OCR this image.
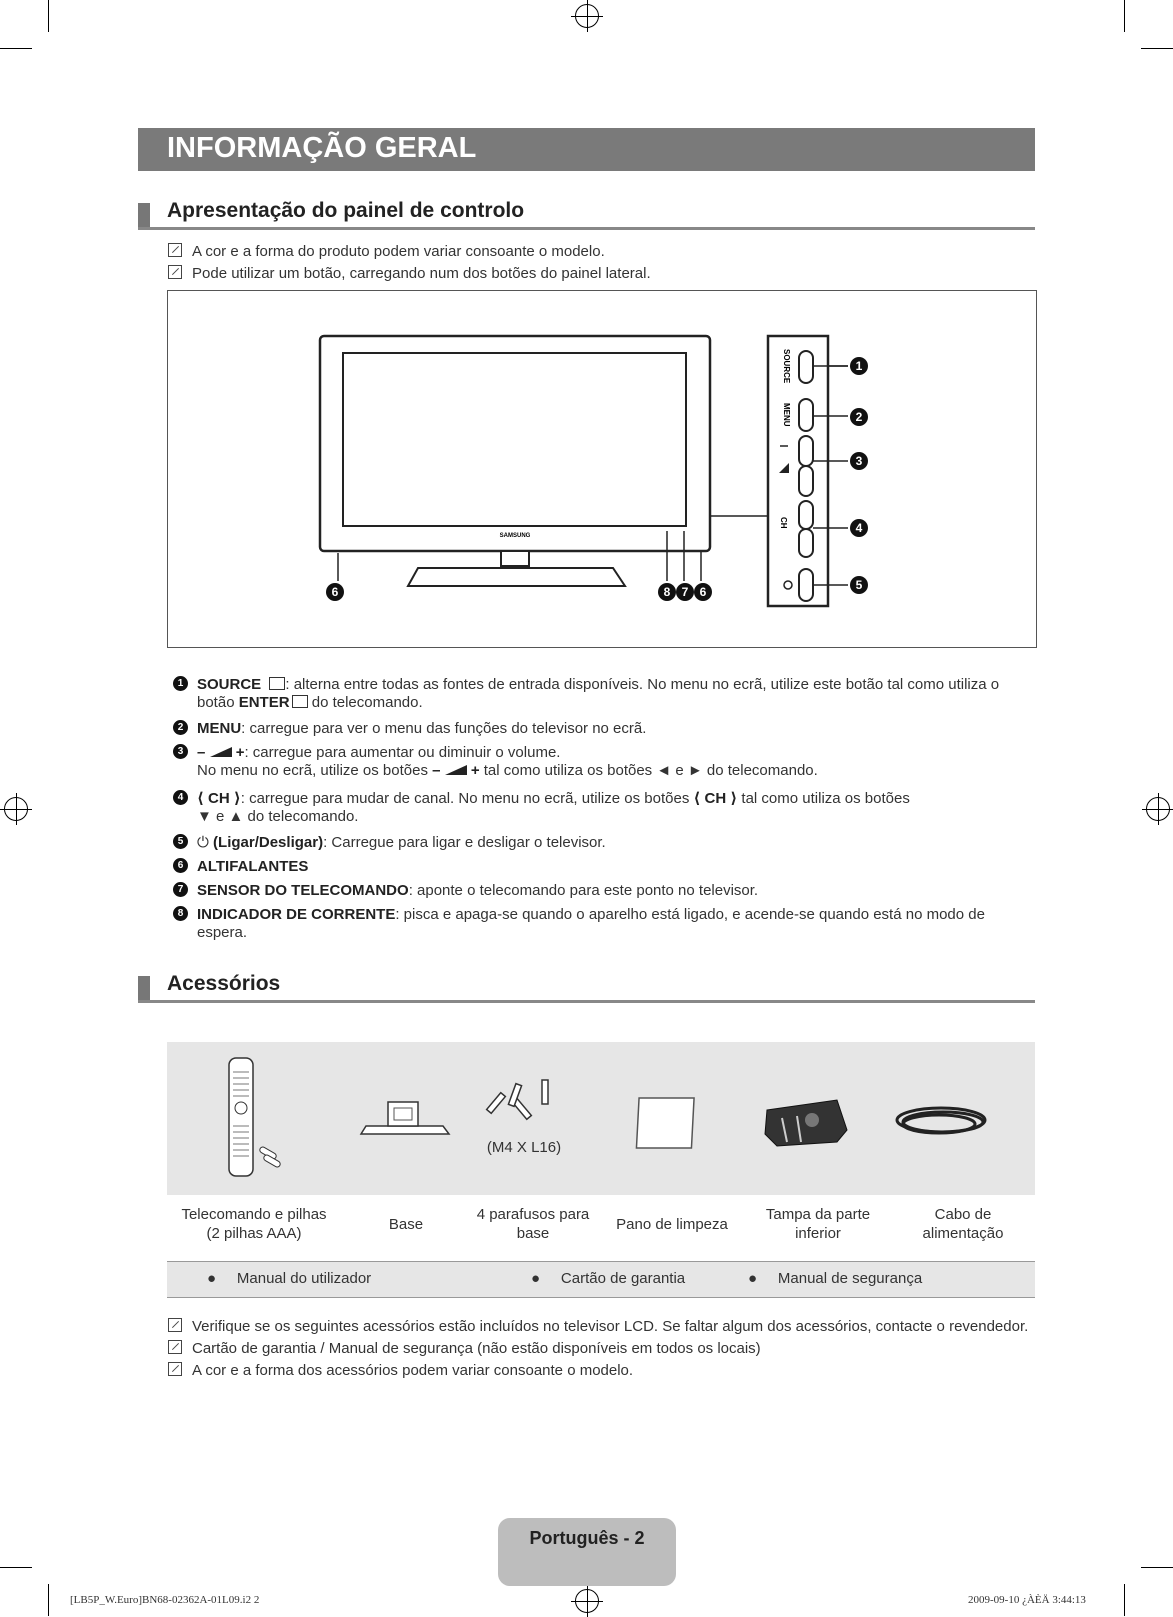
INFORMAÇÃO GERAL
Apresentação do painel de controlo
A cor e a forma do produto podem variar consoante o modelo.
Pode utilizar um botão, carregando num dos botões do painel lateral.
SAMSUNG
SOURCE
MENU
CH
1
2
3
4
5
6	8 7 6
1 SOURCE : alterna entre todas as fontes de entrada disponíveis. No menu no ecrã, utilize este botão tal como utiliza o botão ENTER do telecomando.
2 MENU: carregue para ver o menu das funções do televisor no ecrã.
3 – +: carregue para aumentar ou diminuir o volume.
No menu no ecrã, utilize os botões – + tal como utiliza os botões ◄ e ► do telecomando.
4 ⟨ CH ⟩: carregue para mudar de canal. No menu no ecrã, utilize os botões ⟨ CH ⟩ tal como utiliza os botões
▼ e ▲ do telecomando.
5 ⏻ (Ligar/Desligar): Carregue para ligar e desligar o televisor.
6 ALTIFALANTES
7 SENSOR DO TELECOMANDO: aponte o telecomando para este ponto no televisor.
8 INDICADOR DE CORRENTE: pisca e apaga-se quando o aparelho está ligado, e acende-se quando está no modo de espera.
Acessórios
(M4 X L16)
Telecomando e pilhas
(2 pilhas AAA)
Base
4 parafusos para
base
Pano de limpeza
Tampa da parte
inferior
Cabo de
alimentação
●     Manual do utilizador	●     Cartão de garantia	●     Manual de segurança
Verifique se os seguintes acessórios estão incluídos no televisor LCD. Se faltar algum dos acessórios, contacte o revendedor.
Cartão de garantia / Manual de segurança (não estão disponíveis em todos os locais)
A cor e a forma dos acessórios podem variar consoante o modelo.
Português - 2
[LB5P_W.Euro]BN68-02362A-01L09.i2 2	2009-09-10 ¿ÀÈÄ 3:44:13
